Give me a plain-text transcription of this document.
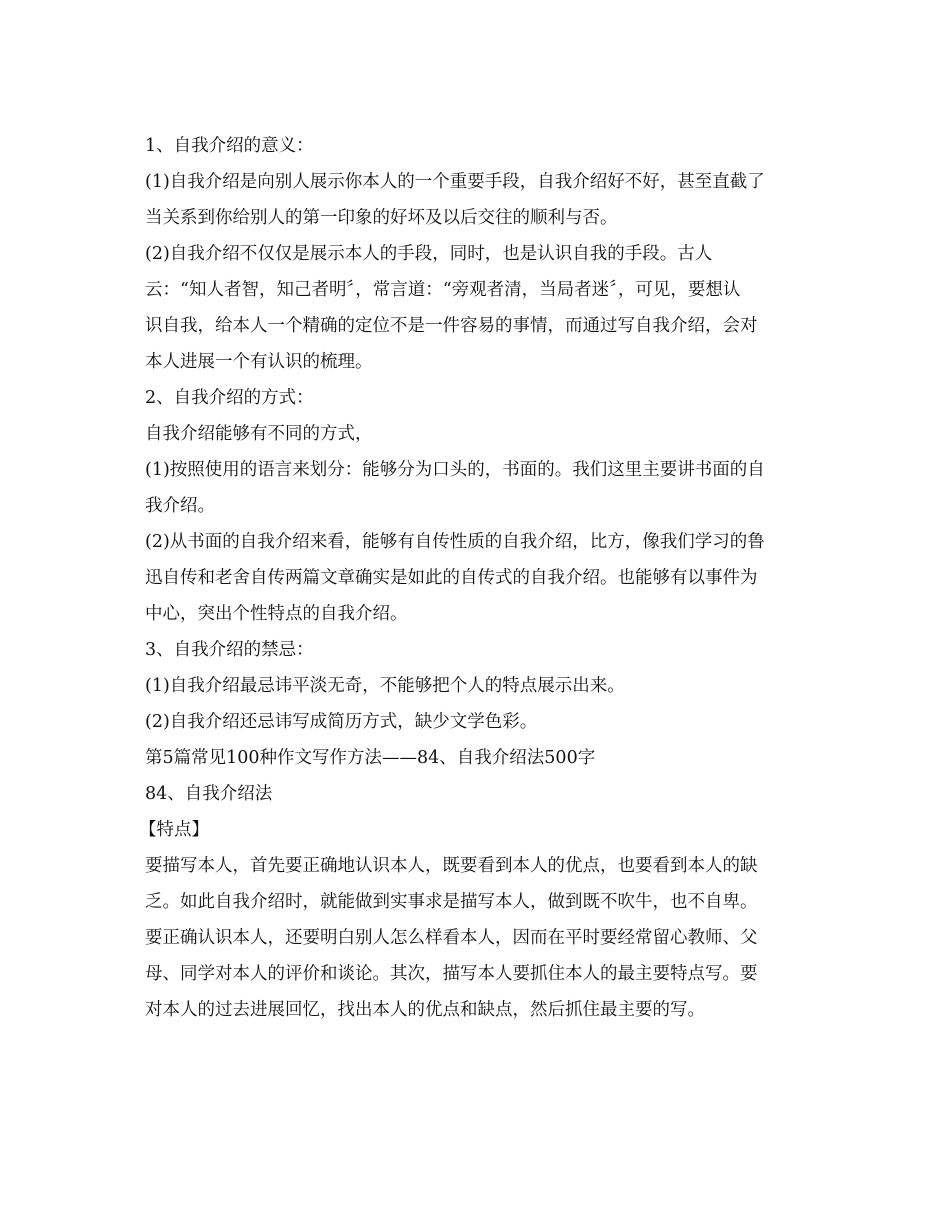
1、自我介绍的意义：
(1)自我介绍是向别人展示你本人的一个重要手段，自我介绍好不好，甚至直截了
当关系到你给别人的第一印象的好坏及以后交往的顺利与否。
(2)自我介绍不仅仅是展示本人的手段，同时，也是认识自我的手段。古人
云：“知人者智，知己者明〞，常言道：“旁观者清，当局者迷〞，可见，要想认
识自我，给本人一个精确的定位不是一件容易的事情，而通过写自我介绍，会对
本人进展一个有认识的梳理。
2、自我介绍的方式：
自我介绍能够有不同的方式，
(1)按照使用的语言来划分：能够分为口头的，书面的。我们这里主要讲书面的自
我介绍。
(2)从书面的自我介绍来看，能够有自传性质的自我介绍，比方，像我们学习的鲁
迅自传和老舍自传两篇文章确实是如此的自传式的自我介绍。也能够有以事件为
中心，突出个性特点的自我介绍。
3、自我介绍的禁忌：
(1)自我介绍最忌讳平淡无奇，不能够把个人的特点展示出来。
(2)自我介绍还忌讳写成简历方式，缺少文学色彩。
第5篇常见100种作文写作方法——84、自我介绍法500字
84、自我介绍法
【特点】
要描写本人，首先要正确地认识本人，既要看到本人的优点，也要看到本人的缺
乏。如此自我介绍时，就能做到实事求是描写本人，做到既不吹牛，也不自卑。
要正确认识本人，还要明白别人怎么样看本人，因而在平时要经常留心教师、父
母、同学对本人的评价和谈论。其次，描写本人要抓住本人的最主要特点写。要
对本人的过去进展回忆，找出本人的优点和缺点，然后抓住最主要的写。
